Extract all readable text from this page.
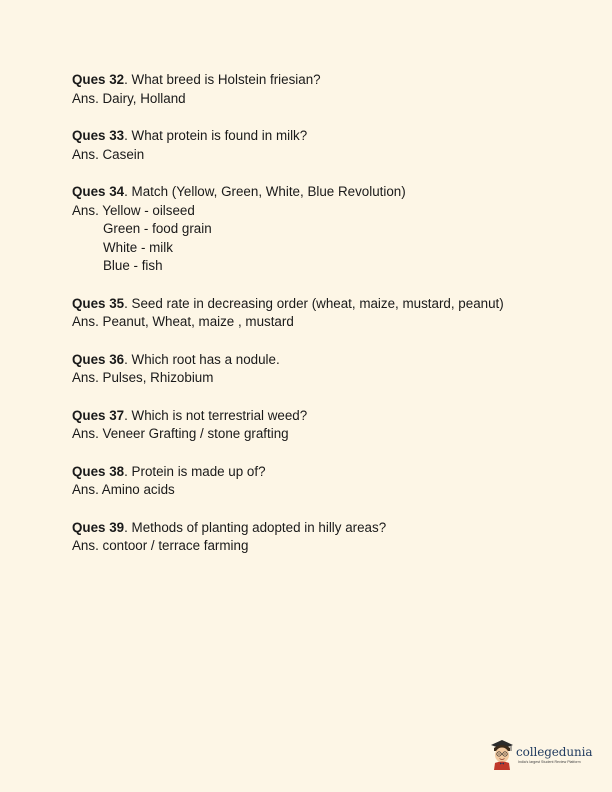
Ques 32. What breed is Holstein friesian?
Ans. Dairy, Holland
Ques 33. What protein is found in milk?
Ans. Casein
Ques 34. Match (Yellow, Green, White, Blue Revolution)
Ans. Yellow - oilseed
Green - food grain
White - milk
Blue - fish
Ques 35. Seed rate in decreasing order (wheat, maize, mustard, peanut)
Ans. Peanut, Wheat, maize , mustard
Ques 36. Which root has a nodule.
Ans. Pulses, Rhizobium
Ques 37. Which is not terrestrial weed?
Ans. Veneer Grafting / stone grafting
Ques 38. Protein is made up of?
Ans. Amino acids
Ques 39. Methods of planting adopted in hilly areas?
Ans. contoor / terrace farming
collegedunia
India's largest Student Review Platform
